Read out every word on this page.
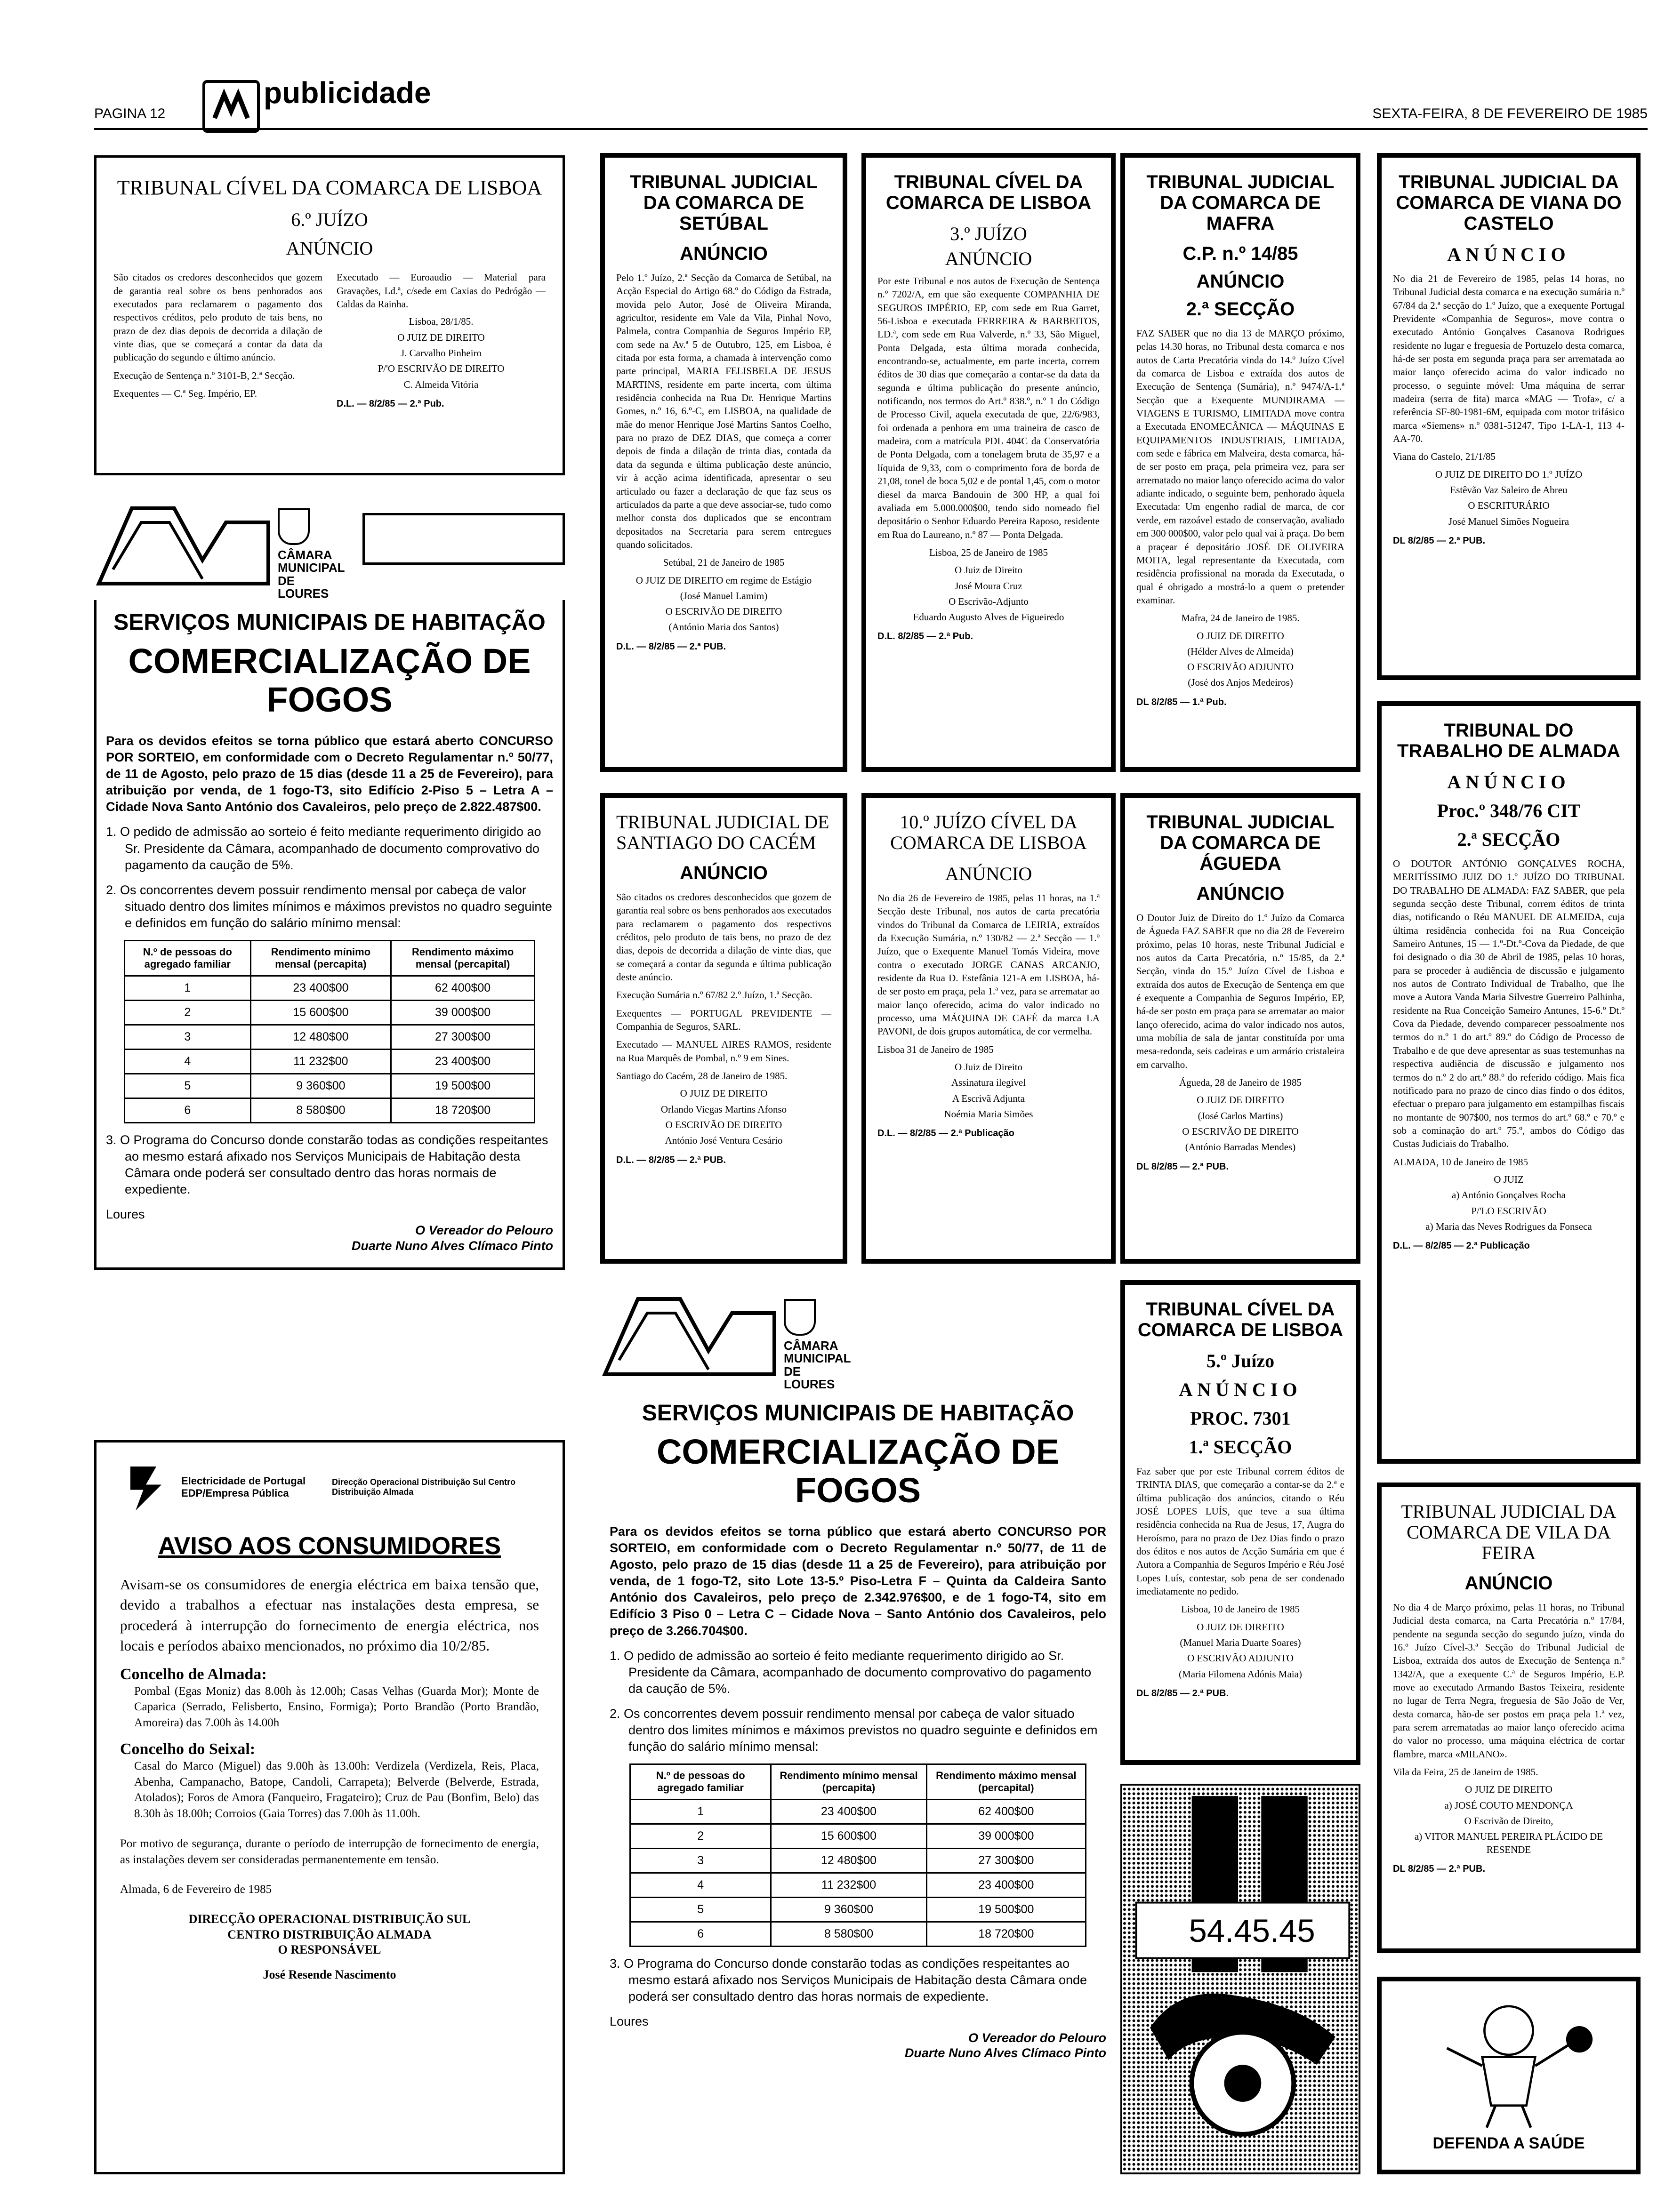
PAGINA 12
publicidade
SEXTA-FEIRA, 8 DE FEVEREIRO DE 1985
TRIBUNAL CÍVEL DA COMARCA DE LISBOA
6.º JUÍZO
ANÚNCIO
São citados os credores desconhecidos que gozem de garantia real sobre os bens penhorados aos executados para reclamarem o pagamento dos respectivos créditos, pelo produto de tais bens, no prazo de dez dias depois de decorrida a dilação de vinte dias, que se começará a contar da data da publicação do segundo e último anúncio.
Execução de Sentença n.º 3101-B, 2.ª Secção.
Exequentes — C.ª Seg. Império, EP.
Executado — Euroaudio — Material para Gravações, Ld.ª, c/sede em Caxias do Pedrógão — Caldas da Rainha.
Lisboa, 28/1/85.
O JUIZ DE DIREITO
J. Carvalho Pinheiro
P/'O ESCRIVÃO DE DIREITO
C. Almeida Vitória
D.L. — 8/2/85 — 2.ª Pub.
CÂMARA MUNICIPAL DE LOURES
SERVIÇOS MUNICIPAIS DE HABITAÇÃO
COMERCIALIZAÇÃO DE FOGOS
Para os devidos efeitos se torna público que estará aberto CONCURSO POR SORTEIO, em conformidade com o Decreto Regulamentar n.º 50/77, de 11 de Agosto, pelo prazo de 15 dias (desde 11 a 25 de Fevereiro), para atribuição por venda, de 1 fogo-T3, sito Edifício 2-Piso 5 – Letra A – Cidade Nova Santo António dos Cavaleiros, pelo preço de 2.822.487$00.
1. O pedido de admissão ao sorteio é feito mediante requerimento dirigido ao Sr. Presidente da Câmara, acompanhado de documento comprovativo do pagamento da caução de 5%.
2. Os concorrentes devem possuir rendimento mensal por cabeça de valor situado dentro dos limites mínimos e máximos previstos no quadro seguinte e definidos em função do salário mínimo mensal:
N.º de pessoas do agregado familiar	Rendimento mínimo mensal (percapita)	Rendimento máximo mensal (percapital)
1	23 400$00	62 400$00
2	15 600$00	39 000$00
3	12 480$00	27 300$00
4	11 232$00	23 400$00
5	9 360$00	19 500$00
6	8 580$00	18 720$00
3. O Programa do Concurso donde constarão todas as condições respeitantes ao mesmo estará afixado nos Serviços Municipais de Habitação desta Câmara onde poderá ser consultado dentro das horas normais de expediente.
Loures
O Vereador do Pelouro
Duarte Nuno Alves Clímaco Pinto
Electricidade de Portugal EDP/Empresa Pública
Direcção Operacional Distribuição Sul Centro Distribuição Almada
AVISO AOS CONSUMIDORES
Avisam-se os consumidores de energia eléctrica em baixa tensão que, devido a trabalhos a efectuar nas instalações desta empresa, se procederá à interrupção do fornecimento de energia eléctrica, nos locais e períodos abaixo mencionados, no próximo dia 10/2/85.
Concelho de Almada:
Pombal (Egas Moniz) das 8.00h às 12.00h; Casas Velhas (Guarda Mor); Monte de Caparica (Serrado, Felisberto, Ensino, Formiga); Porto Brandão (Porto Brandão, Amoreira) das 7.00h às 14.00h
Concelho do Seixal:
Casal do Marco (Miguel) das 9.00h às 13.00h: Verdizela (Verdizela, Reis, Placa, Abenha, Campanacho, Batope, Candoli, Carrapeta); Belverde (Belverde, Estrada, Atolados); Foros de Amora (Fanqueiro, Fragateiro); Cruz de Pau (Bonfim, Belo) das 8.30h às 18.00h; Corroios (Gaia Torres) das 7.00h às 11.00h.
Por motivo de segurança, durante o período de interrupção de fornecimento de energia, as instalações devem ser consideradas permanentemente em tensão.
Almada, 6 de Fevereiro de 1985
DIRECÇÃO OPERACIONAL DISTRIBUIÇÃO SUL
CENTRO DISTRIBUIÇÃO ALMADA
O RESPONSÁVEL
José Resende Nascimento
TRIBUNAL JUDICIAL DA COMARCA DE SETÚBAL
ANÚNCIO
Pelo 1.º Juízo, 2.ª Secção da Comarca de Setúbal, na Acção Especial do Artigo 68.º do Código da Estrada, movida pelo Autor, José de Oliveira Miranda, agricultor, residente em Vale da Vila, Pinhal Novo, Palmela, contra Companhia de Seguros Império EP, com sede na Av.ª 5 de Outubro, 125, em Lisboa, é citada por esta forma, a chamada à intervenção como parte principal, MARIA FELISBELA DE JESUS MARTINS, residente em parte incerta, com última residência conhecida na Rua Dr. Henrique Martins Gomes, n.º 16, 6.º-C, em LISBOA, na qualidade de mãe do menor Henrique José Martins Santos Coelho, para no prazo de DEZ DIAS, que começa a correr depois de finda a dilação de trinta dias, contada da data da segunda e última publicação deste anúncio, vir à acção acima identificada, apresentar o seu articulado ou fazer a declaração de que faz seus os articulados da parte a que deve associar-se, tudo como melhor consta dos duplicados que se encontram depositados na Secretaria para serem entregues quando solicitados.
Setúbal, 21 de Janeiro de 1985
O JUIZ DE DIREITO em regime de Estágio
(José Manuel Lamim)
O ESCRIVÃO DE DIREITO
(António Maria dos Santos)
D.L. — 8/2/85 — 2.ª PUB.
TRIBUNAL JUDICIAL DE SANTIAGO DO CACÉM
ANÚNCIO
São citados os credores desconhecidos que gozem de garantia real sobre os bens penhorados aos executados para reclamarem o pagamento dos respectivos créditos, pelo produto de tais bens, no prazo de dez dias, depois de decorrida a dilação de vinte dias, que se começará a contar da segunda e última publicação deste anúncio.
Execução Sumária n.º 67/82 2.º Juízo, 1.ª Secção.
Exequentes — PORTUGAL PREVIDENTE — Companhia de Seguros, SARL.
Executado — MANUEL AIRES RAMOS, residente na Rua Marquês de Pombal, n.º 9 em Sines.
Santiago do Cacém, 28 de Janeiro de 1985.
O JUIZ DE DIREITO
Orlando Viegas Martins Afonso
O ESCRIVÃO DE DIREITO
António José Ventura Cesário
D.L. — 8/2/85 — 2.ª PUB.
TRIBUNAL CÍVEL DA COMARCA DE LISBOA
3.º JUÍZO
ANÚNCIO
Por este Tribunal e nos autos de Execução de Sentença n.º 7202/A, em que são exequente COMPANHIA DE SEGUROS IMPÉRIO, EP, com sede em Rua Garret, 56-Lisboa e executada FERREIRA & BARBEITOS, LD.ª, com sede em Rua Valverde, n.º 33, São Miguel, Ponta Delgada, esta última morada conhecida, encontrando-se, actualmente, em parte incerta, correm éditos de 30 dias que começarão a contar-se da data da segunda e última publicação do presente anúncio, notificando, nos termos do Art.º 838.º, n.º 1 do Código de Processo Civil, aquela executada de que, 22/6/983, foi ordenada a penhora em uma traineira de casco de madeira, com a matrícula PDL 404C da Conservatória de Ponta Delgada, com a tonelagem bruta de 35,97 e a líquida de 9,33, com o comprimento fora de borda de 21,08, tonel de boca 5,02 e de pontal 1,45, com o motor diesel da marca Bandouin de 300 HP, a qual foi avaliada em 5.000.000$00, tendo sido nomeado fiel depositário o Senhor Eduardo Pereira Raposo, residente em Rua do Laureano, n.º 87 — Ponta Delgada.
Lisboa, 25 de Janeiro de 1985
O Juiz de Direito
José Moura Cruz
O Escrivão-Adjunto
Eduardo Augusto Alves de Figueiredo
D.L. 8/2/85 — 2.ª Pub.
10.º JUÍZO CÍVEL DA COMARCA DE LISBOA
ANÚNCIO
No dia 26 de Fevereiro de 1985, pelas 11 horas, na 1.ª Secção deste Tribunal, nos autos de carta precatória vindos do Tribunal da Comarca de LEIRIA, extraídos da Execução Sumária, n.º 130/82 — 2.ª Secção — 1.º Juízo, que o Exequente Manuel Tomás Videira, move contra o executado JORGE CANAS ARCANJO, residente da Rua D. Estefânia 121-A em LISBOA, há-de ser posto em praça, pela 1.ª vez, para se arrematar ao maior lanço oferecido, acima do valor indicado no processo, uma MÁQUINA DE CAFÉ da marca LA PAVONI, de dois grupos automática, de cor vermelha.
Lisboa 31 de Janeiro de 1985
O Juiz de Direito
Assinatura ilegível
A Escrivã Adjunta
Noémia Maria Simões
D.L. — 8/2/85 — 2.ª Publicação
CÂMARA MUNICIPAL DE LOURES
SERVIÇOS MUNICIPAIS DE HABITAÇÃO
COMERCIALIZAÇÃO DE FOGOS
Para os devidos efeitos se torna público que estará aberto CONCURSO POR SORTEIO, em conformidade com o Decreto Regulamentar n.º 50/77, de 11 de Agosto, pelo prazo de 15 dias (desde 11 a 25 de Fevereiro), para atribuição por venda, de 1 fogo-T2, sito Lote 13-5.º Piso-Letra F – Quinta da Caldeira Santo António dos Cavaleiros, pelo preço de 2.342.976$00, e de 1 fogo-T4, sito em Edifício 3 Piso 0 – Letra C – Cidade Nova – Santo António dos Cavaleiros, pelo preço de 3.266.704$00.
1. O pedido de admissão ao sorteio é feito mediante requerimento dirigido ao Sr. Presidente da Câmara, acompanhado de documento comprovativo do pagamento da caução de 5%.
2. Os concorrentes devem possuir rendimento mensal por cabeça de valor situado dentro dos limites mínimos e máximos previstos no quadro seguinte e definidos em função do salário mínimo mensal:
N.º de pessoas do agregado familiar	Rendimento mínimo mensal (percapita)	Rendimento máximo mensal (percapital)
1	23 400$00	62 400$00
2	15 600$00	39 000$00
3	12 480$00	27 300$00
4	11 232$00	23 400$00
5	9 360$00	19 500$00
6	8 580$00	18 720$00
3. O Programa do Concurso donde constarão todas as condições respeitantes ao mesmo estará afixado nos Serviços Municipais de Habitação desta Câmara onde poderá ser consultado dentro das horas normais de expediente.
Loures
O Vereador do Pelouro
Duarte Nuno Alves Clímaco Pinto
TRIBUNAL JUDICIAL DA COMARCA DE MAFRA
C.P. n.º 14/85
ANÚNCIO
2.ª SECÇÃO
FAZ SABER que no dia 13 de MARÇO próximo, pelas 14.30 horas, no Tribunal desta comarca e nos autos de Carta Precatória vinda do 14.º Juízo Cível da comarca de Lisboa e extraída dos autos de Execução de Sentença (Sumária), n.º 9474/A-1.ª Secção que a Exequente MUNDIRAMA — VIAGENS E TURISMO, LIMITADA move contra a Executada ENOMECÂNICA — MÁQUINAS E EQUIPAMENTOS INDUSTRIAIS, LIMITADA, com sede e fábrica em Malveira, desta comarca, há-de ser posto em praça, pela primeira vez, para ser arrematado no maior lanço oferecido acima do valor adiante indicado, o seguinte bem, penhorado àquela Executada: Um engenho radial de marca, de cor verde, em razoável estado de conservação, avaliado em 300 000$00, valor pelo qual vai à praça. Do bem a praçear é depositário JOSÉ DE OLIVEIRA MOITA, legal representante da Executada, com residência profissional na morada da Executada, o qual é obrigado a mostrá-lo a quem o pretender examinar.
Mafra, 24 de Janeiro de 1985.
O JUIZ DE DIREITO
(Hélder Alves de Almeida)
O ESCRIVÃO ADJUNTO
(José dos Anjos Medeiros)
DL 8/2/85 — 1.ª Pub.
TRIBUNAL JUDICIAL DA COMARCA DE ÁGUEDA
ANÚNCIO
O Doutor Juiz de Direito do 1.º Juízo da Comarca de Águeda FAZ SABER que no dia 28 de Fevereiro próximo, pelas 10 horas, neste Tribunal Judicial e nos autos da Carta Precatória, n.º 15/85, da 2.ª Secção, vinda do 15.º Juízo Cível de Lisboa e extraída dos autos de Execução de Sentença em que é exequente a Companhia de Seguros Império, EP, há-de ser posto em praça para se arrematar ao maior lanço oferecido, acima do valor indicado nos autos, uma mobília de sala de jantar constituída por uma mesa-redonda, seis cadeiras e um armário cristaleira em carvalho.
Águeda, 28 de Janeiro de 1985
O JUIZ DE DIREITO
(José Carlos Martins)
O ESCRIVÃO DE DIREITO
(António Barradas Mendes)
DL 8/2/85 — 2.ª PUB.
TRIBUNAL CÍVEL DA COMARCA DE LISBOA
5.º Juízo
ANÚNCIO
PROC. 7301
1.ª SECÇÃO
Faz saber que por este Tribunal correm éditos de TRINTA DIAS, que começarão a contar-se da 2.ª e última publicação dos anúncios, citando o Réu JOSÉ LOPES LUÍS, que teve a sua última residência conhecida na Rua de Jesus, 17, Augra do Heroísmo, para no prazo de Dez Dias findo o prazo dos éditos e nos autos de Acção Sumária em que é Autora a Companhia de Seguros Império e Réu José Lopes Luís, contestar, sob pena de ser condenado imediatamente no pedido.
Lisboa, 10 de Janeiro de 1985
O JUIZ DE DIREITO
(Manuel Maria Duarte Soares)
O ESCRIVÃO ADJUNTO
(Maria Filomena Adónis Maia)
DL 8/2/85 — 2.ª PUB.
54.45.45
TRIBUNAL JUDICIAL DA COMARCA DE VIANA DO CASTELO
ANÚNCIO
No dia 21 de Fevereiro de 1985, pelas 14 horas, no Tribunal Judicial desta comarca e na execução sumária n.º 67/84 da 2.ª secção do 1.º Juízo, que a exequente Portugal Previdente «Companhia de Seguros», move contra o executado António Gonçalves Casanova Rodrigues residente no lugar e freguesia de Portuzelo desta comarca, há-de ser posta em segunda praça para ser arrematada ao maior lanço oferecido acima do valor indicado no processo, o seguinte móvel: Uma máquina de serrar madeira (serra de fita) marca «MAG — Trofa», c/ a referência SF-80-1981-6M, equipada com motor trifásico marca «Siemens» n.º 0381-51247, Tipo 1-LA-1, 113 4-AA-70.
Viana do Castelo, 21/1/85
O JUIZ DE DIREITO DO 1.º JUÍZO
Estêvão Vaz Saleiro de Abreu
O ESCRITURÁRIO
José Manuel Simões Nogueira
DL 8/2/85 — 2.ª PUB.
TRIBUNAL DO TRABALHO DE ALMADA
ANÚNCIO
Proc.º 348/76 CIT
2.ª SECÇÃO
O DOUTOR ANTÓNIO GONÇALVES ROCHA, MERITÍSSIMO JUIZ DO 1.º JUÍZO DO TRIBUNAL DO TRABALHO DE ALMADA: FAZ SABER, que pela segunda secção deste Tribunal, correm éditos de trinta dias, notificando o Réu MANUEL DE ALMEIDA, cuja última residência conhecida foi na Rua Conceição Sameiro Antunes, 15 — 1.º-Dt.º-Cova da Piedade, de que foi designado o dia 30 de Abril de 1985, pelas 10 horas, para se proceder à audiência de discussão e julgamento nos autos de Contrato Individual de Trabalho, que lhe move a Autora Vanda Maria Silvestre Guerreiro Palhinha, residente na Rua Conceição Sameiro Antunes, 15-6.º Dt.º Cova da Piedade, devendo comparecer pessoalmente nos termos do n.º 1 do art.º 89.º do Código de Processo de Trabalho e de que deve apresentar as suas testemunhas na respectiva audiência de discussão e julgamento nos termos do n.º 2 do art.º 88.º do referido código. Mais fica notificado para no prazo de cinco dias findo o dos éditos, efectuar o preparo para julgamento em estampilhas fiscais no montante de 907$00, nos termos do art.º 68.º e 70.º e sob a cominação do art.º 75.º, ambos do Código das Custas Judiciais do Trabalho.
ALMADA, 10 de Janeiro de 1985
O JUIZ
a) António Gonçalves Rocha
P/'LO ESCRIVÃO
a) Maria das Neves Rodrigues da Fonseca
D.L. — 8/2/85 — 2.ª Publicação
TRIBUNAL JUDICIAL DA COMARCA DE VILA DA FEIRA
ANÚNCIO
No dia 4 de Março próximo, pelas 11 horas, no Tribunal Judicial desta comarca, na Carta Precatória n.º 17/84, pendente na segunda secção do segundo juízo, vinda do 16.º Juízo Cível-3.ª Secção do Tribunal Judicial de Lisboa, extraída dos autos de Execução de Sentença n.º 1342/A, que a exequente C.ª de Seguros Império, E.P. move ao executado Armando Bastos Teixeira, residente no lugar de Terra Negra, freguesia de São João de Ver, desta comarca, hão-de ser postos em praça pela 1.ª vez, para serem arrematadas ao maior lanço oferecido acima do valor no processo, uma máquina eléctrica de cortar flambre, marca «MILANO».
Vila da Feira, 25 de Janeiro de 1985.
O JUIZ DE DIREITO
a) JOSÉ COUTO MENDONÇA
O Escrivão de Direito,
a) VITOR MANUEL PEREIRA PLÁCIDO DE RESENDE
DL 8/2/85 — 2.ª PUB.
DEFENDA A SAÚDE
